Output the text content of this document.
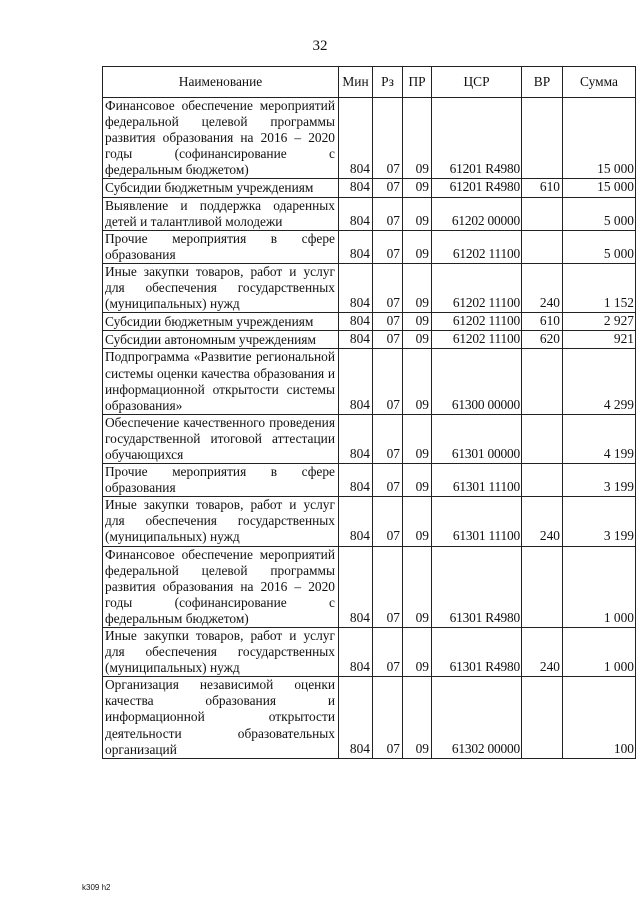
32
Наименование	Мин	Рз	ПР	ЦСР	ВР	Сумма
Финансовое обеспечение мероприятий федеральной целевой программы развития образования на 2016 – 2020 годы (софинансирование с федеральным бюджетом)	804	07	09	61201 R4980		15 000
Субсидии бюджетным учреждениям	804	07	09	61201 R4980	610	15 000
Выявление и поддержка одаренных детей и талантливой молодежи	804	07	09	61202 00000		5 000
Прочие мероприятия в сфере образования	804	07	09	61202 11100		5 000
Иные закупки товаров, работ и услуг для обеспечения государственных (муниципальных) нужд	804	07	09	61202 11100	240	1 152
Субсидии бюджетным учреждениям	804	07	09	61202 11100	610	2 927
Субсидии автономным учреждениям	804	07	09	61202 11100	620	921
Подпрограмма «Развитие региональной системы оценки качества образования и информационной открытости системы образования»	804	07	09	61300 00000		4 299
Обеспечение качественного проведения государственной итоговой аттестации обучающихся	804	07	09	61301 00000		4 199
Прочие мероприятия в сфере образования	804	07	09	61301 11100		3 199
Иные закупки товаров, работ и услуг для обеспечения государственных (муниципальных) нужд	804	07	09	61301 11100	240	3 199
Финансовое обеспечение мероприятий федеральной целевой программы развития образования на 2016 – 2020 годы (софинансирование с федеральным бюджетом)	804	07	09	61301 R4980		1 000
Иные закупки товаров, работ и услуг для обеспечения государственных (муниципальных) нужд	804	07	09	61301 R4980	240	1 000
Организация независимой оценки качества образования и информационной открытости деятельности образовательных организаций	804	07	09	61302 00000		100
k309 h2
